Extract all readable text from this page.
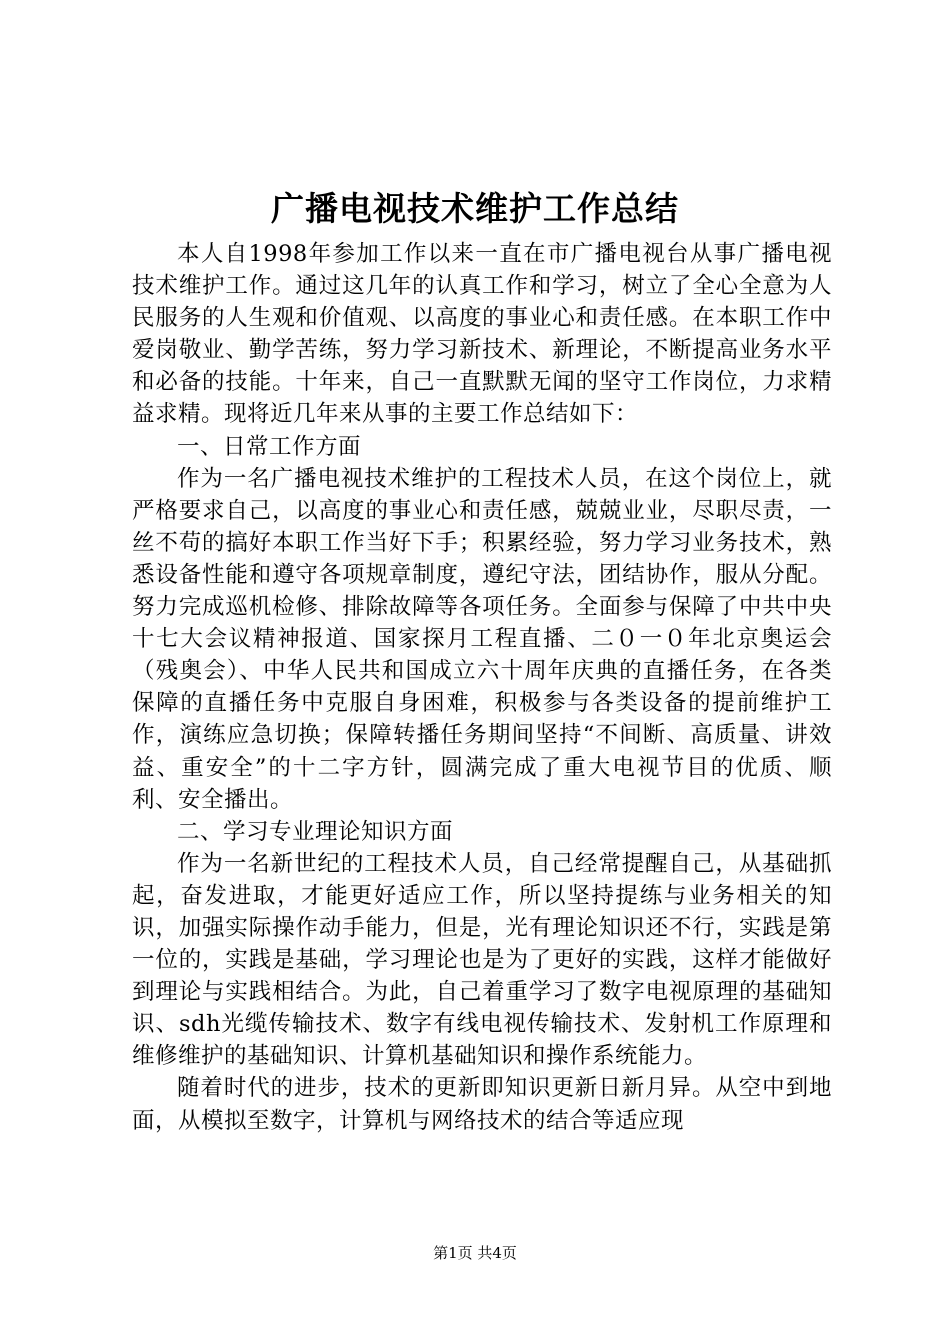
广播电视技术维护工作总结

本人自1998年参加工作以来一直在市广播电视台从事广播电视技术维护工作。通过这几年的认真工作和学习，树立了全心全意为人民服务的人生观和价值观、以高度的事业心和责任感。在本职工作中爱岗敬业、勤学苦练，努力学习新技术、新理论，不断提高业务水平和必备的技能。十年来，自己一直默默无闻的坚守工作岗位，力求精益求精。现将近几年来从事的主要工作总结如下：

一、日常工作方面

作为一名广播电视技术维护的工程技术人员，在这个岗位上，就严格要求自己，以高度的事业心和责任感，兢兢业业，尽职尽责，一丝不苟的搞好本职工作当好下手；积累经验，努力学习业务技术，熟悉设备性能和遵守各项规章制度，遵纪守法，团结协作，服从分配。努力完成巡机检修、排除故障等各项任务。全面参与保障了中共中央十七大会议精神报道、国家探月工程直播、二０一０年北京奥运会（残奥会）、中华人民共和国成立六十周年庆典的直播任务，在各类保障的直播任务中克服自身困难，积极参与各类设备的提前维护工作，演练应急切换；保障转播任务期间坚持“不间断、高质量、讲效益、重安全”的十二字方针，圆满完成了重大电视节目的优质、顺利、安全播出。

二、学习专业理论知识方面

作为一名新世纪的工程技术人员，自己经常提醒自己，从基础抓起，奋发进取，才能更好适应工作，所以坚持提练与业务相关的知识，加强实际操作动手能力，但是，光有理论知识还不行，实践是第一位的，实践是基础，学习理论也是为了更好的实践，这样才能做好到理论与实践相结合。为此，自己着重学习了数字电视原理的基础知识、sdh光缆传输技术、数字有线电视传输技术、发射机工作原理和维修维护的基础知识、计算机基础知识和操作系统能力。

随着时代的进步，技术的更新即知识更新日新月异。从空中到地面，从模拟至数字，计算机与网络技术的结合等适应现

第1页 共4页
